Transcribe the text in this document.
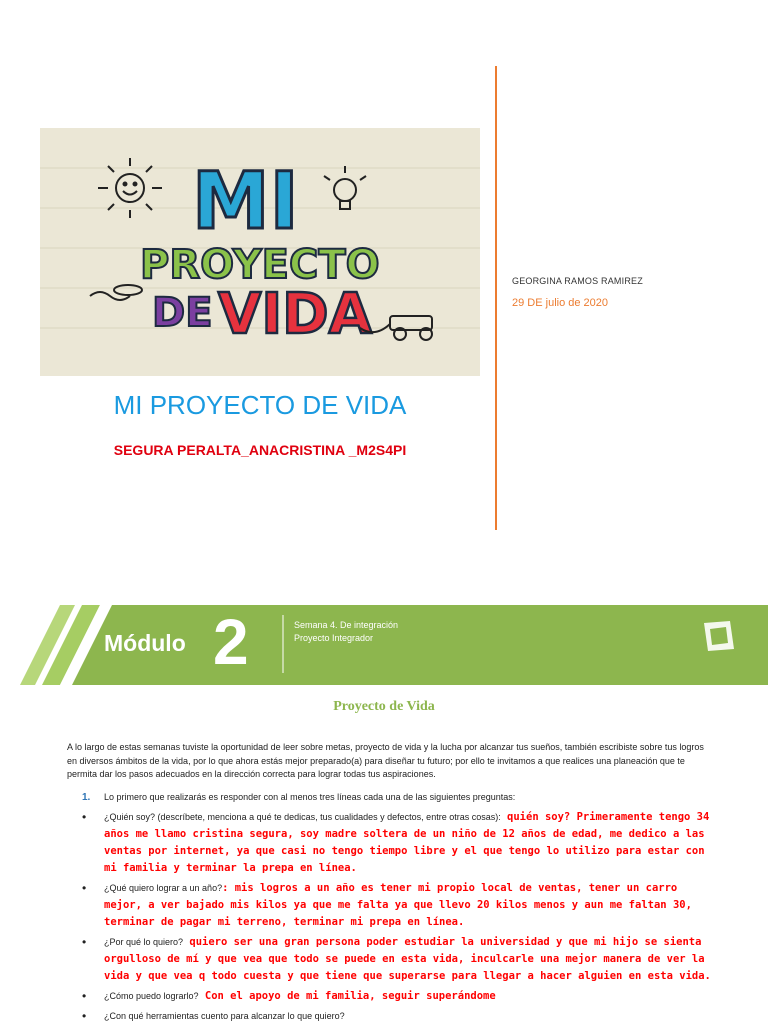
MI
PROYECTO
DE VIDA
GEORGINA RAMOS RAMIREZ
29 DE julio de 2020
MI PROYECTO DE VIDA
SEGURA PERALTA_ANACRISTINA _M2S4PI
Módulo 2	Semana 4. De integración
Proyecto Integrador
Proyecto de Vida
A lo largo de estas semanas tuviste la oportunidad de leer sobre metas, proyecto de vida y la lucha por alcanzar tus sueños, también escribiste sobre tus logros en diversos ámbitos de la vida, por lo que ahora estás mejor preparado(a) para diseñar tu futuro; por ello te invitamos a que realices una planeación que te permita dar los pasos adecuados en la dirección correcta para lograr todas tus aspiraciones.
1. Lo primero que realizarás es responder con al menos tres líneas cada una de las siguientes preguntas:
• ¿Quién soy? (descríbete, menciona a qué te dedicas, tus cualidades y defectos, entre otras cosas): quién soy? Primeramente tengo 34 años me llamo cristina segura, soy madre soltera de un niño de 12 años de edad, me dedico a las ventas por internet, ya que casi no tengo tiempo libre y el que tengo lo utilizo para estar con mi familia y terminar la prepa en línea.
• ¿Qué quiero lograr a un año?: mis logros a un año es tener mi propio local de ventas, tener un carro mejor, a ver bajado mis kilos ya que me falta ya que llevo 20 kilos menos y aun me faltan 30, terminar de pagar mi terreno, terminar mi prepa en línea.
• ¿Por qué lo quiero? quiero ser una gran persona poder estudiar la universidad y que mi hijo se sienta orgulloso de mí y que vea que todo se puede en esta vida, inculcarle una mejor manera de ver la vida y que vea q todo cuesta y que tiene que superarse para llegar a hacer alguien en esta vida.
• ¿Cómo puedo lograrlo? Con el apoyo de mi familia, seguir superándome
• ¿Con qué herramientas cuento para alcanzar lo que quiero?
